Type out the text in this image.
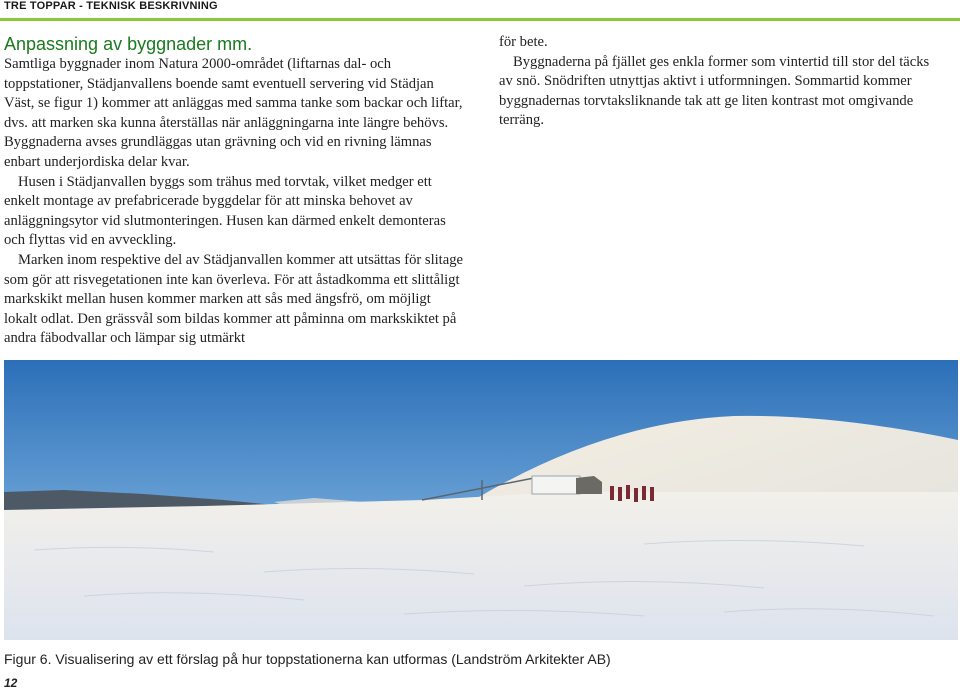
TRE TOPPAR - TEKNISK BESKRIVNING
Anpassning av byggnader mm.

Samtliga byggnader inom Natura 2000-området (liftarnas dal- och toppstationer, Städjanvallens boende samt eventuell servering vid Städjan Väst, se figur 1) kommer att anläggas med samma tanke som backar och liftar, dvs. att marken ska kunna återställas när anläggningarna inte längre behövs. Byggnaderna avses grundläggas utan grävning och vid en rivning lämnas enbart underjordiska delar kvar.

Husen i Städjanvallen byggs som trähus med torvtak, vilket medger ett enkelt montage av prefabricerade byggdelar för att minska behovet av anläggningsytor vid slutmonteringen. Husen kan därmed enkelt demonteras och flyttas vid en avveckling.

Marken inom respektive del av Städjanvallen kommer att utsättas för slitage som gör att risvegetationen inte kan överleva. För att åstadkomma ett slittåligt markskikt mellan husen kommer marken att sås med ängsfrö, om möjligt lokalt odlat. Den grässvål som bildas kommer att påminna om markskiktet på andra fäbodvallar och lämpar sig utmärkt

för bete.

Byggnaderna på fjället ges enkla former som vintertid till stor del täcks av snö. Snödriften utnyttjas aktivt i utformningen. Sommartid kommer byggnadernas torvtaksliknande tak att ge liten kontrast mot omgivande terräng.

Figur 6. Visualisering av ett förslag på hur toppstationerna kan utformas (Landström Arkitekter AB)
12
